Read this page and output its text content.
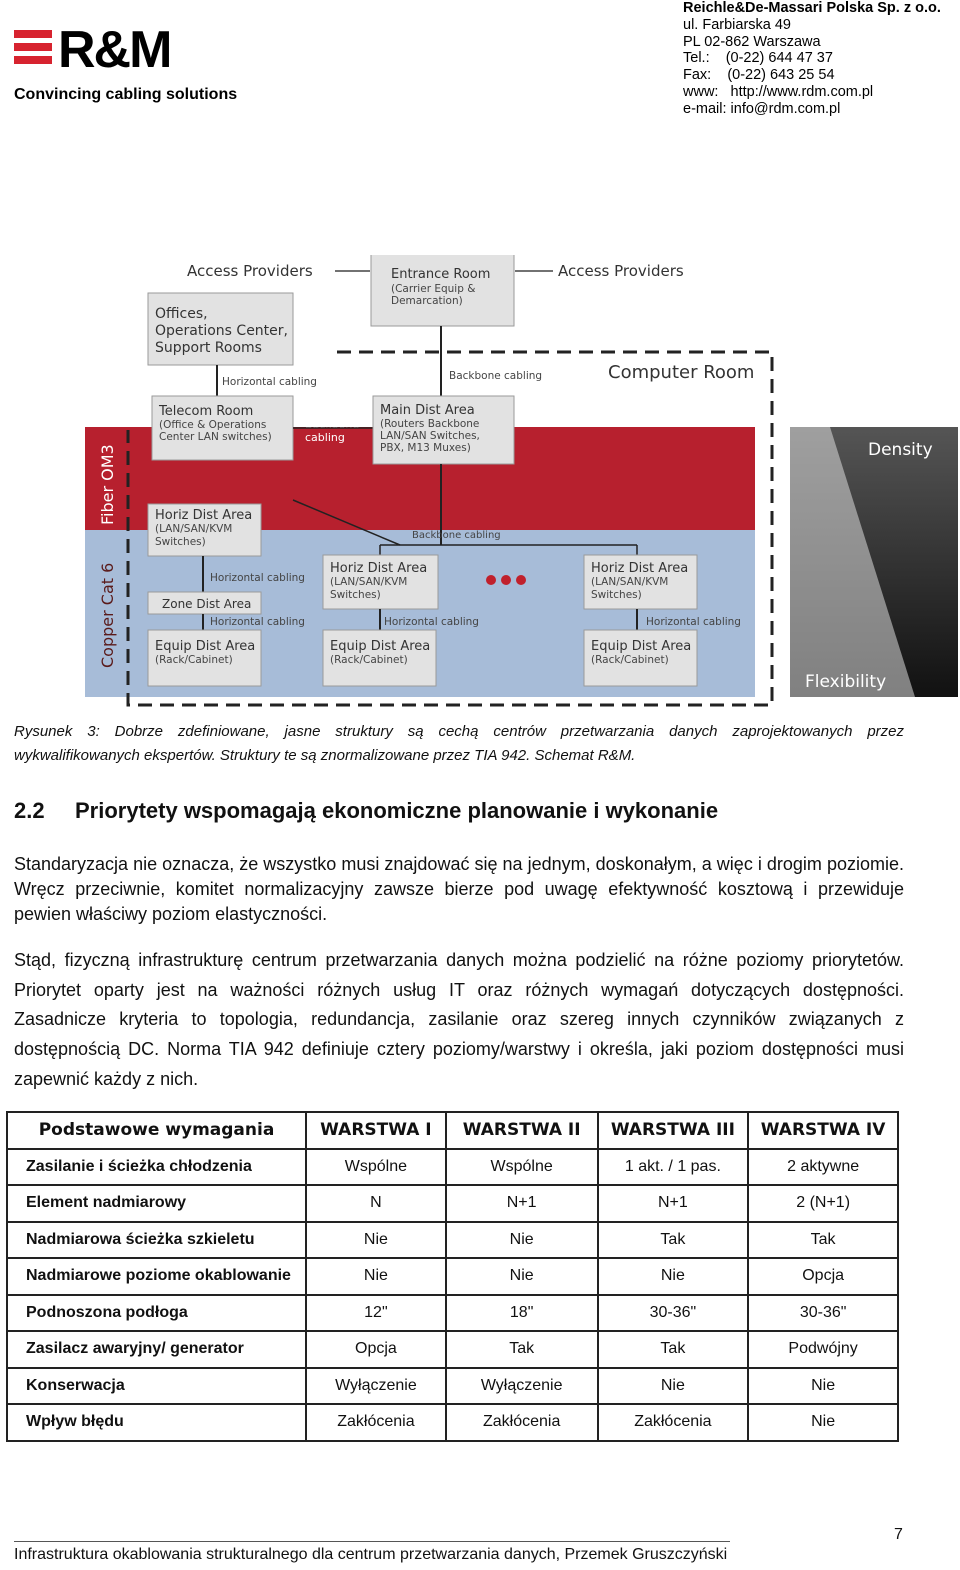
R&M
Convincing cabling solutions
Reichle&De-Massari Polska Sp. z o.o.
ul. Farbiarska 49
PL 02-862 Warszawa
Tel.:    (0-22) 644 47 37
Fax:    (0-22) 643 25 54
www:   http://www.rdm.com.pl
e-mail: info@rdm.com.pl
Density
Flexibility
Access Providers	Access Providers
Entrance Room
(Carrier Equip &
Demarcation)
Offices,
Operations Center,
Support Rooms
Computer Room
Horizontal cabling	Backbone cabling
Telecom Room
(Office & Operations
Center LAN switches)
Backbone
cabling
Main Dist Area
(Routers Backbone
LAN/SAN Switches,
PBX, M13 Muxes)
Fiber OM3
Copper Cat 6
Backbone cabling
Horiz Dist Area
(LAN/SAN/KVM
Switches)
Horizontal cabling
Zone Dist Area
Horizontal cabling
Horiz Dist Area
(LAN/SAN/KVM
Switches)
Horizontal cabling
Horiz Dist Area
(LAN/SAN/KVM
Switches)
Horizontal cabling
Equip Dist Area
(Rack/Cabinet)
Equip Dist Area
(Rack/Cabinet)
Equip Dist Area
(Rack/Cabinet)
Rysunek 3: Dobrze zdefiniowane, jasne struktury są cechą centrów przetwarzania danych zaprojektowanych przez wykwalifikowanych ekspertów. Struktury te są znormalizowane przez TIA 942. Schemat R&M.
2.2 Priorytety wspomagają ekonomiczne planowanie i wykonanie
Standaryzacja nie oznacza, że wszystko musi znajdować się na jednym, doskonałym, a więc i drogim poziomie. Wręcz przeciwnie, komitet normalizacyjny zawsze bierze pod uwagę efektywność kosztową i przewiduje pewien właściwy poziom elastyczności.
Stąd, fizyczną infrastrukturę centrum przetwarzania danych można podzielić na różne poziomy priorytetów. Priorytet oparty jest na ważności różnych usług IT oraz różnych wymagań dotyczących dostępności. Zasadnicze kryteria to topologia, redundancja, zasilanie oraz szereg innych czynników związanych z dostępnością DC. Norma TIA 942 definiuje cztery poziomy/warstwy i określa, jaki poziom dostępności musi zapewnić każdy z nich.
Podstawowe wymagania	WARSTWA I	WARSTWA II	WARSTWA III	WARSTWA IV
Zasilanie i ścieżka chłodzenia	Wspólne	Wspólne	1 akt. / 1 pas.	2 aktywne
Element nadmiarowy	N	N+1	N+1	2 (N+1)
Nadmiarowa ścieżka szkieletu	Nie	Nie	Tak	Tak
Nadmiarowe poziome okablowanie	Nie	Nie	Nie	Opcja
Podnoszona podłoga	12"	18"	30-36"	30-36"
Zasilacz awaryjny/ generator	Opcja	Tak	Tak	Podwójny
Konserwacja	Wyłączenie	Wyłączenie	Nie	Nie
Wpływ błędu	Zakłócenia	Zakłócenia	Zakłócenia	Nie
7
Infrastruktura okablowania strukturalnego dla centrum przetwarzania danych, Przemek Gruszczyński
